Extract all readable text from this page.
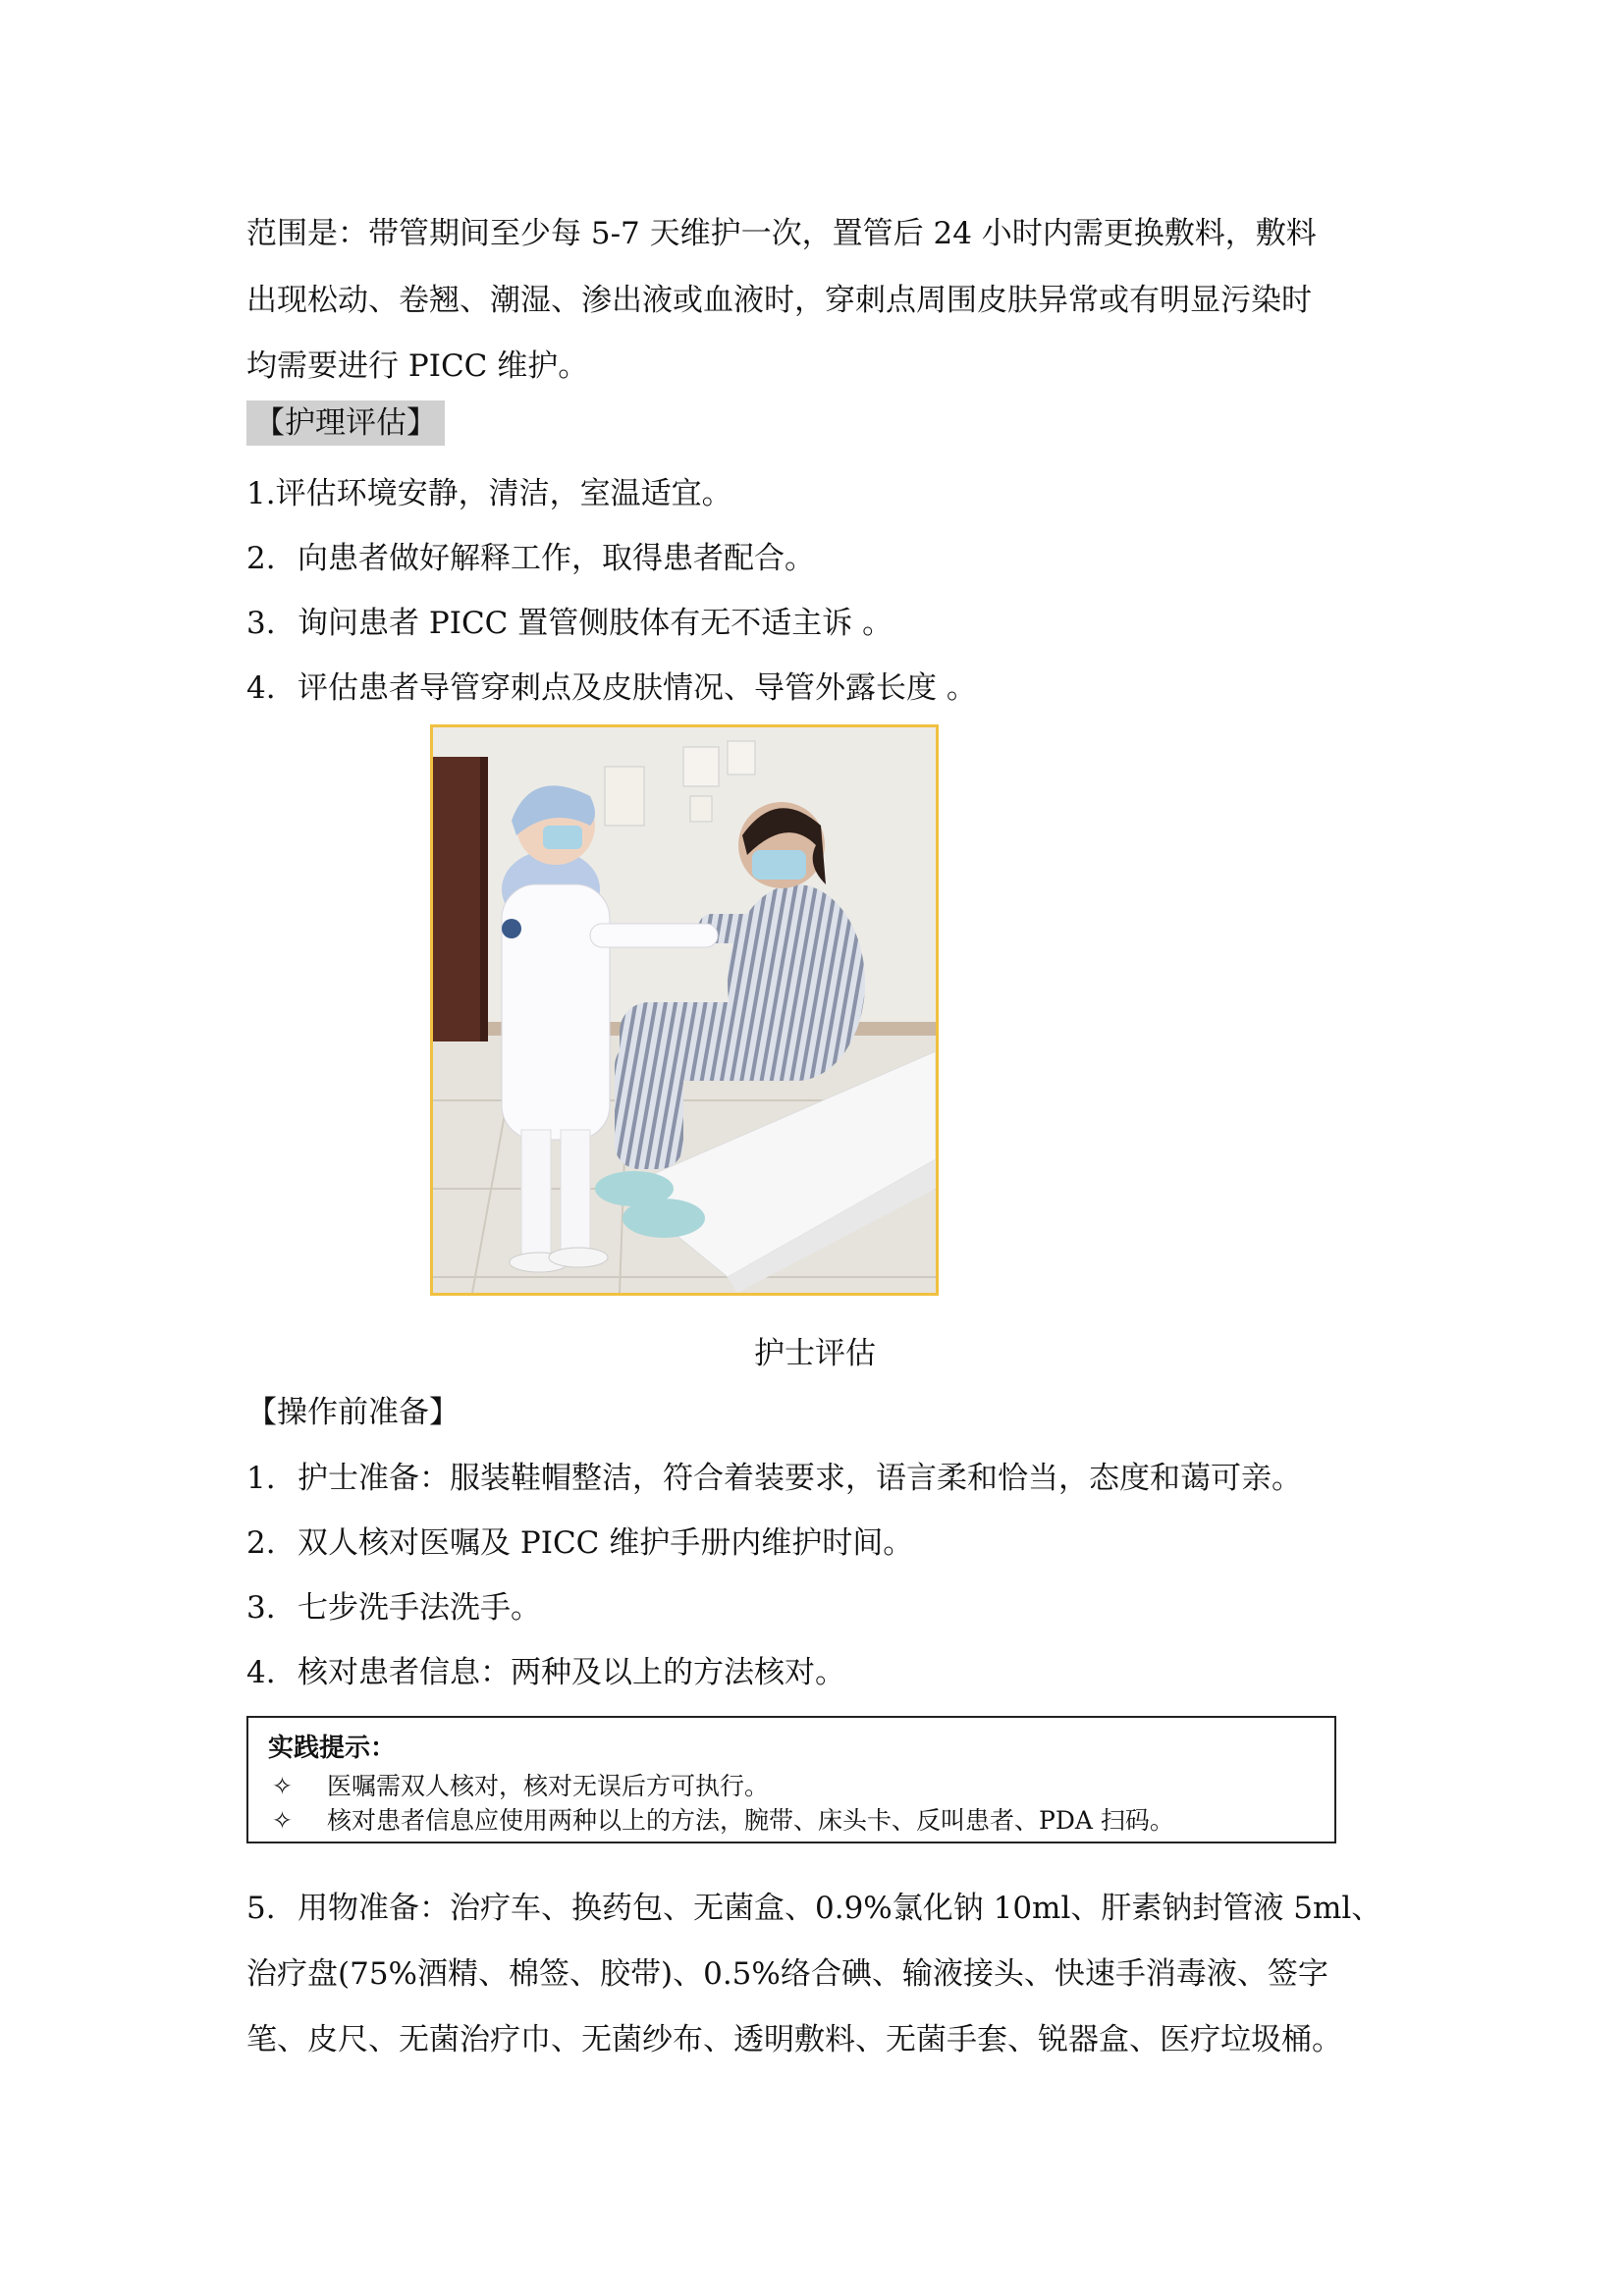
范围是：带管期间至少每 5-7 天维护一次，置管后 24 小时内需更换敷料，敷料
出现松动、卷翘、潮湿、渗出液或血液时，穿刺点周围皮肤异常或有明显污染时
均需要进行 PICC 维护。
【护理评估】
1.评估环境安静，清洁，室温适宜。
2. 向患者做好解释工作，取得患者配合。
3. 询问患者 PICC 置管侧肢体有无不适主诉 。
4. 评估患者导管穿刺点及皮肤情况、导管外露长度 。
护士评估
【操作前准备】
1. 护士准备：服装鞋帽整洁，符合着装要求，语言柔和恰当，态度和蔼可亲。
2. 双人核对医嘱及 PICC 维护手册内维护时间。
3. 七步洗手法洗手。
4. 核对患者信息：两种及以上的方法核对。
实践提示：
✧ 医嘱需双人核对，核对无误后方可执行。
✧ 核对患者信息应使用两种以上的方法，腕带、床头卡、反叫患者、PDA 扫码。
5. 用物准备：治疗车、换药包、无菌盒、0.9%氯化钠 10ml、肝素钠封管液 5ml、
治疗盘(75%酒精、棉签、胶带)、0.5%络合碘、输液接头、快速手消毒液、签字
笔、皮尺、无菌治疗巾、无菌纱布、透明敷料、无菌手套、锐器盒、医疗垃圾桶。
